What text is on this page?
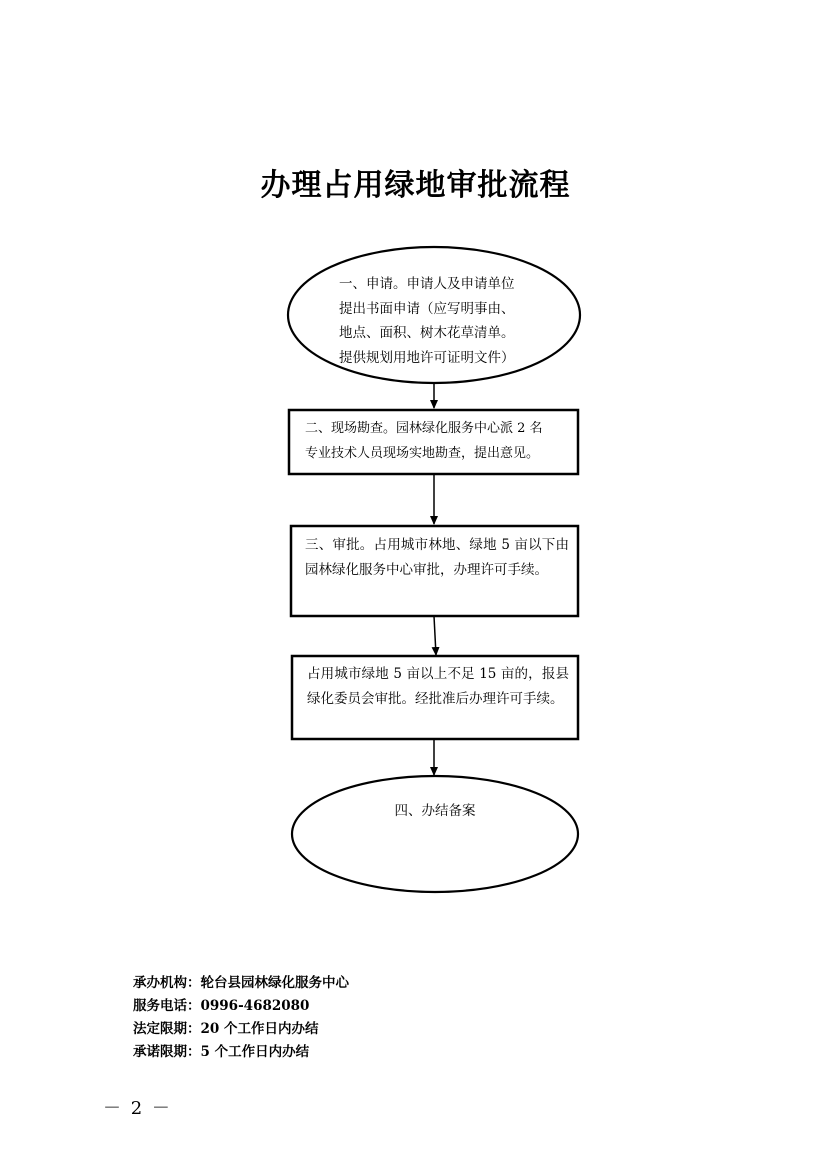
办理占用绿地审批流程

一、申请。申请人及申请单位

提出书面申请（应写明事由、

地点、面积、树木花草清单。

提供规划用地许可证明文件）

二、现场勘查。园林绿化服务中心派 2 名

专业技术人员现场实地勘查，提出意见。

三、审批。占用城市林地、绿地 5 亩以下由园林绿化服务中心审批，办理许可手续。
占用城市绿地 5 亩以上不足 15 亩的，报县绿化委员会审批。经批准后办理许可手续。
四、办结备案
承办机构：轮台县园林绿化服务中心
服务电话：0996-4682080
法定限期：20 个工作日内办结
承诺限期：5 个工作日内办结
－ 2 －
